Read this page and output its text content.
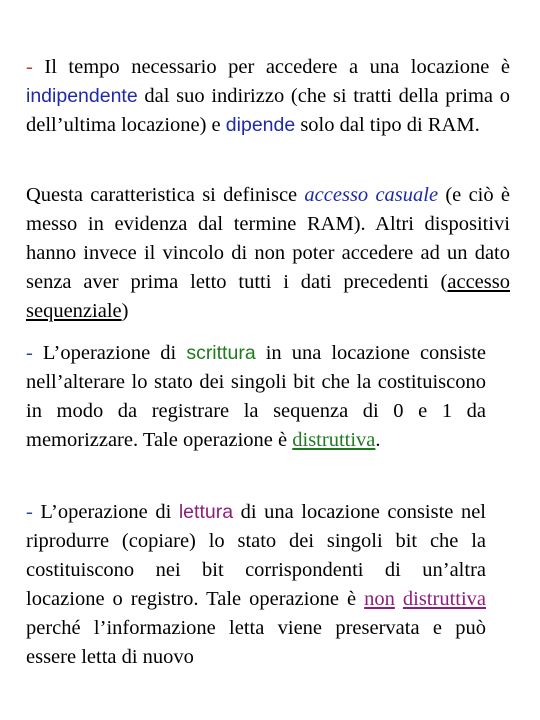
- Il tempo necessario per accedere a una locazione è indipendente dal suo indirizzo (che si tratti della prima o dell’ultima locazione) e dipende solo dal tipo di RAM.

Questa caratteristica si definisce accesso casuale (e ciò è messo in evidenza dal termine RAM). Altri dispositivi hanno invece il vincolo di non poter accedere ad un dato senza aver prima letto tutti i dati precedenti (accesso sequenziale)

- L’operazione di scrittura in una locazione consiste nell’alterare lo stato dei singoli bit che la costituiscono in modo da registrare la sequenza di 0 e 1 da memorizzare. Tale operazione è distruttiva.

- L’operazione di lettura di una locazione consiste nel riprodurre (copiare) lo stato dei singoli bit che la costituiscono nei bit corrispondenti di un’altra locazione o registro. Tale operazione è non distruttiva perché l’informazione letta viene preservata e può essere letta di nuovo
